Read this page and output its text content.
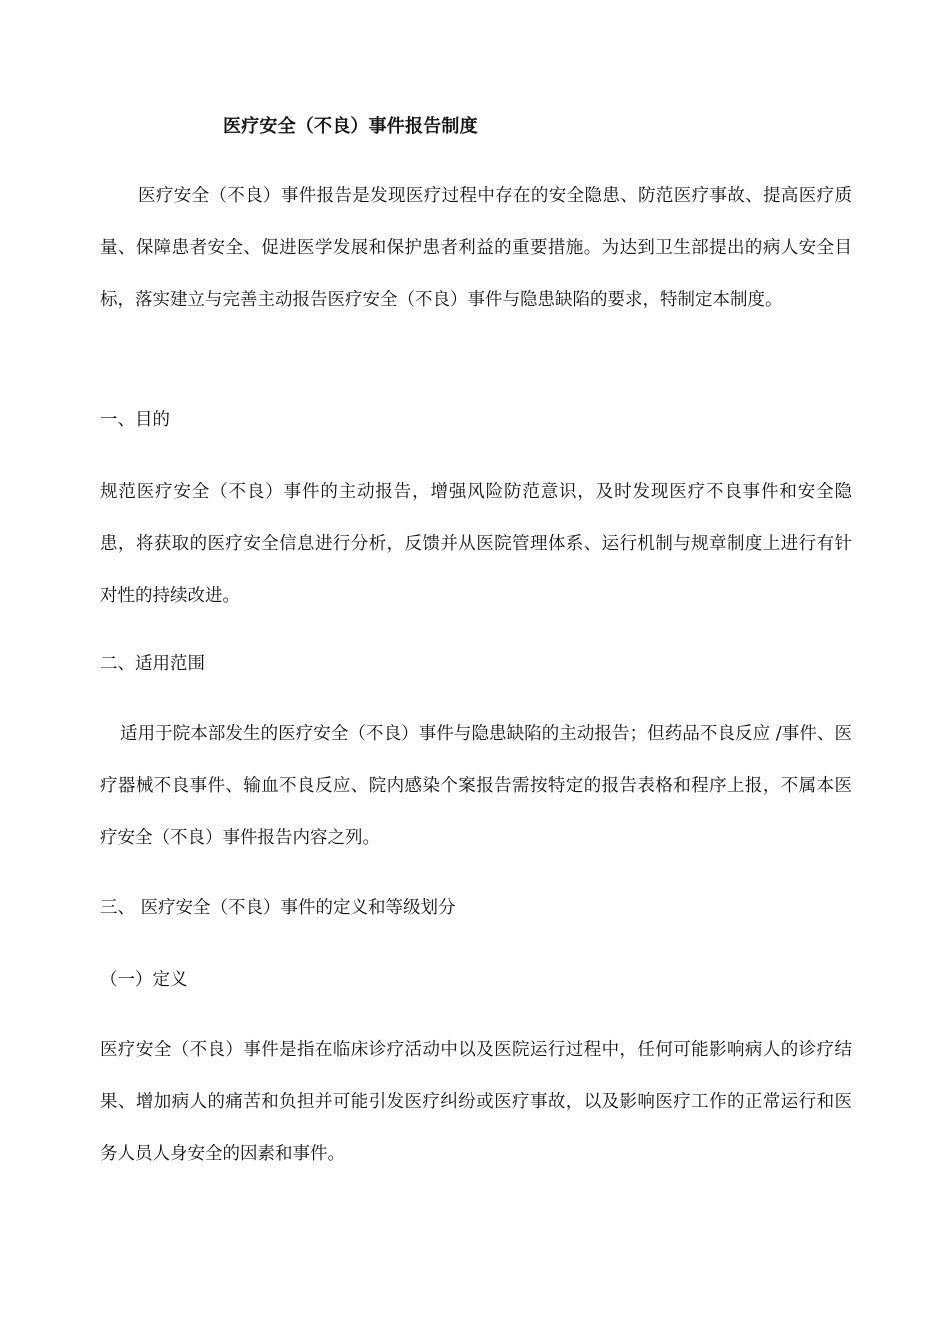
医疗安全（不良）事件报告制度

医疗安全（不良）事件报告是发现医疗过程中存在的安全隐患、防范医疗事故、提高医疗质量、保障患者安全、促进医学发展和保护患者利益的重要措施。为达到卫生部提出的病人安全目标，落实建立与完善主动报告医疗安全（不良）事件与隐患缺陷的要求，特制定本制度。

一、目的

规范医疗安全（不良）事件的主动报告，增强风险防范意识，及时发现医疗不良事件和安全隐患，将获取的医疗安全信息进行分析，反馈并从医院管理体系、运行机制与规章制度上进行有针对性的持续改进。

二、适用范围

适用于院本部发生的医疗安全（不良）事件与隐患缺陷的主动报告；但药品不良反应 /事件、医疗器械不良事件、输血不良反应、院内感染个案报告需按特定的报告表格和程序上报，不属本医疗安全（不良）事件报告内容之列。

三、 医疗安全（不良）事件的定义和等级划分
（一）定义

医疗安全（不良）事件是指在临床诊疗活动中以及医院运行过程中，任何可能影响病人的诊疗结果、增加病人的痛苦和负担并可能引发医疗纠纷或医疗事故，以及影响医疗工作的正常运行和医务人员人身安全的因素和事件。
